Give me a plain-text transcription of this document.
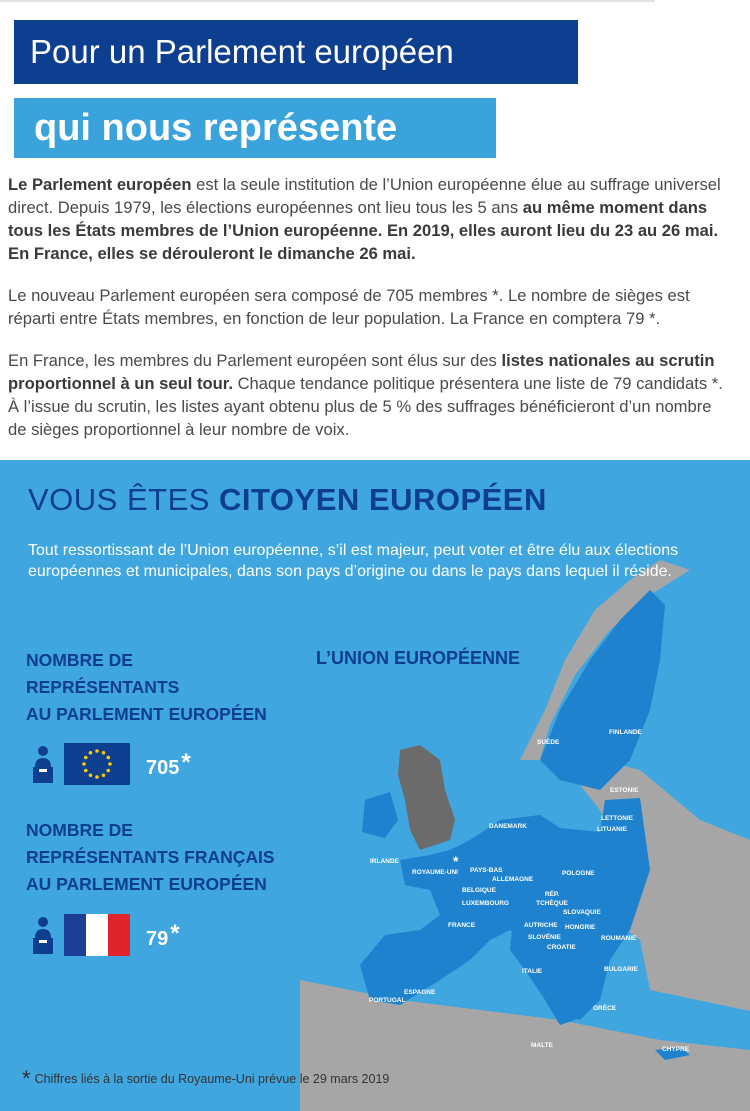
Pour un Parlement européen
qui nous représente

Le Parlement européen est la seule institution de l’Union européenne élue au suffrage universel direct. Depuis 1979, les élections européennes ont lieu tous les 5 ans au même moment dans tous les États membres de l’Union européenne. En 2019, elles auront lieu du 23 au 26 mai. En France, elles se dérouleront le dimanche 26 mai.

Le nouveau Parlement européen sera composé de 705 membres *. Le nombre de sièges est réparti entre États membres, en fonction de leur population. La France en comptera 79 *.

En France, les membres du Parlement européen sont élus sur des listes nationales au scrutin proportionnel à un seul tour. Chaque tendance politique présentera une liste de 79 candidats *. À l’issue du scrutin, les listes ayant obtenu plus de 5 % des suffrages bénéficieront d’un nombre de sièges proportionnel à leur nombre de voix.

VOUS ÊTES CITOYEN EUROPÉEN
Tout ressortissant de l’Union européenne, s’il est majeur, peut voter et être élu aux élections européennes et municipales, dans son pays d’origine ou dans le pays dans lequel il réside.
L’UNION EUROPÉENNE
FINLANDE
SUÈDE
ESTONIE
LETTONIE
LITUANIE
DANEMARK
IRLANDE
ROYAUME-UNI
*
PAYS-BAS
ALLEMAGNE
POLOGNE
BELGIQUE
LUXEMBOURG
RÉP. TCHÈQUE
SLOVAQUIE
FRANCE	AUTRICHE HONGRIE
SLOVÉNIE
CROATIE
ROUMANIE
BULGARIE
ITALIE
PORTUGAL
ESPAGNE
GRÈCE
MALTE
CHYPRE
NOMBRE DE
REPRÉSENTANTS
AU PARLEMENT EUROPÉEN
705*
NOMBRE DE
REPRÉSENTANTS FRANÇAIS
AU PARLEMENT EUROPÉEN
79*
* Chiffres liés à la sortie du Royaume-Uni prévue le 29 mars 2019
